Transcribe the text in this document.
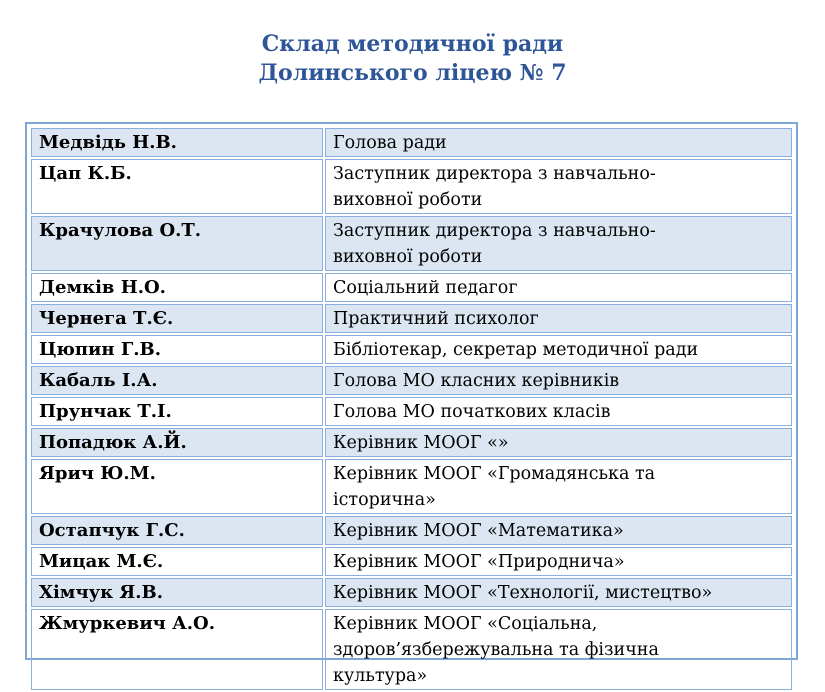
Склад методичної ради
Долинського ліцею № 7
Медвідь Н.В.	Голова ради

Цап К.Б.	Заступник директора з навчально-
виховної роботи

Крачулова О.Т.	Заступник директора з навчально-
виховної роботи

Демків Н.О.	Соціальний педагог

Чернега Т.Є.	Практичний психолог

Цюпин Г.В.	Бібліотекар, секретар методичної ради

Кабаль І.А.	Голова МО класних керівників

Прунчак Т.І.	Голова МО початкових класів

Попадюк А.Й.	Керівник МООГ «»

Ярич Ю.М.	Керівник МООГ «Громадянська та
історична»

Остапчук Г.С.	Керівник МООГ «Математика»

Мицак М.Є.	Керівник МООГ «Природнича»

Хімчук Я.В.	Керівник МООГ «Технології, мистецтво»

Жмуркевич А.О.	Керівник МООГ «Соціальна,
здоров’язбережувальна та фізична
культура»
